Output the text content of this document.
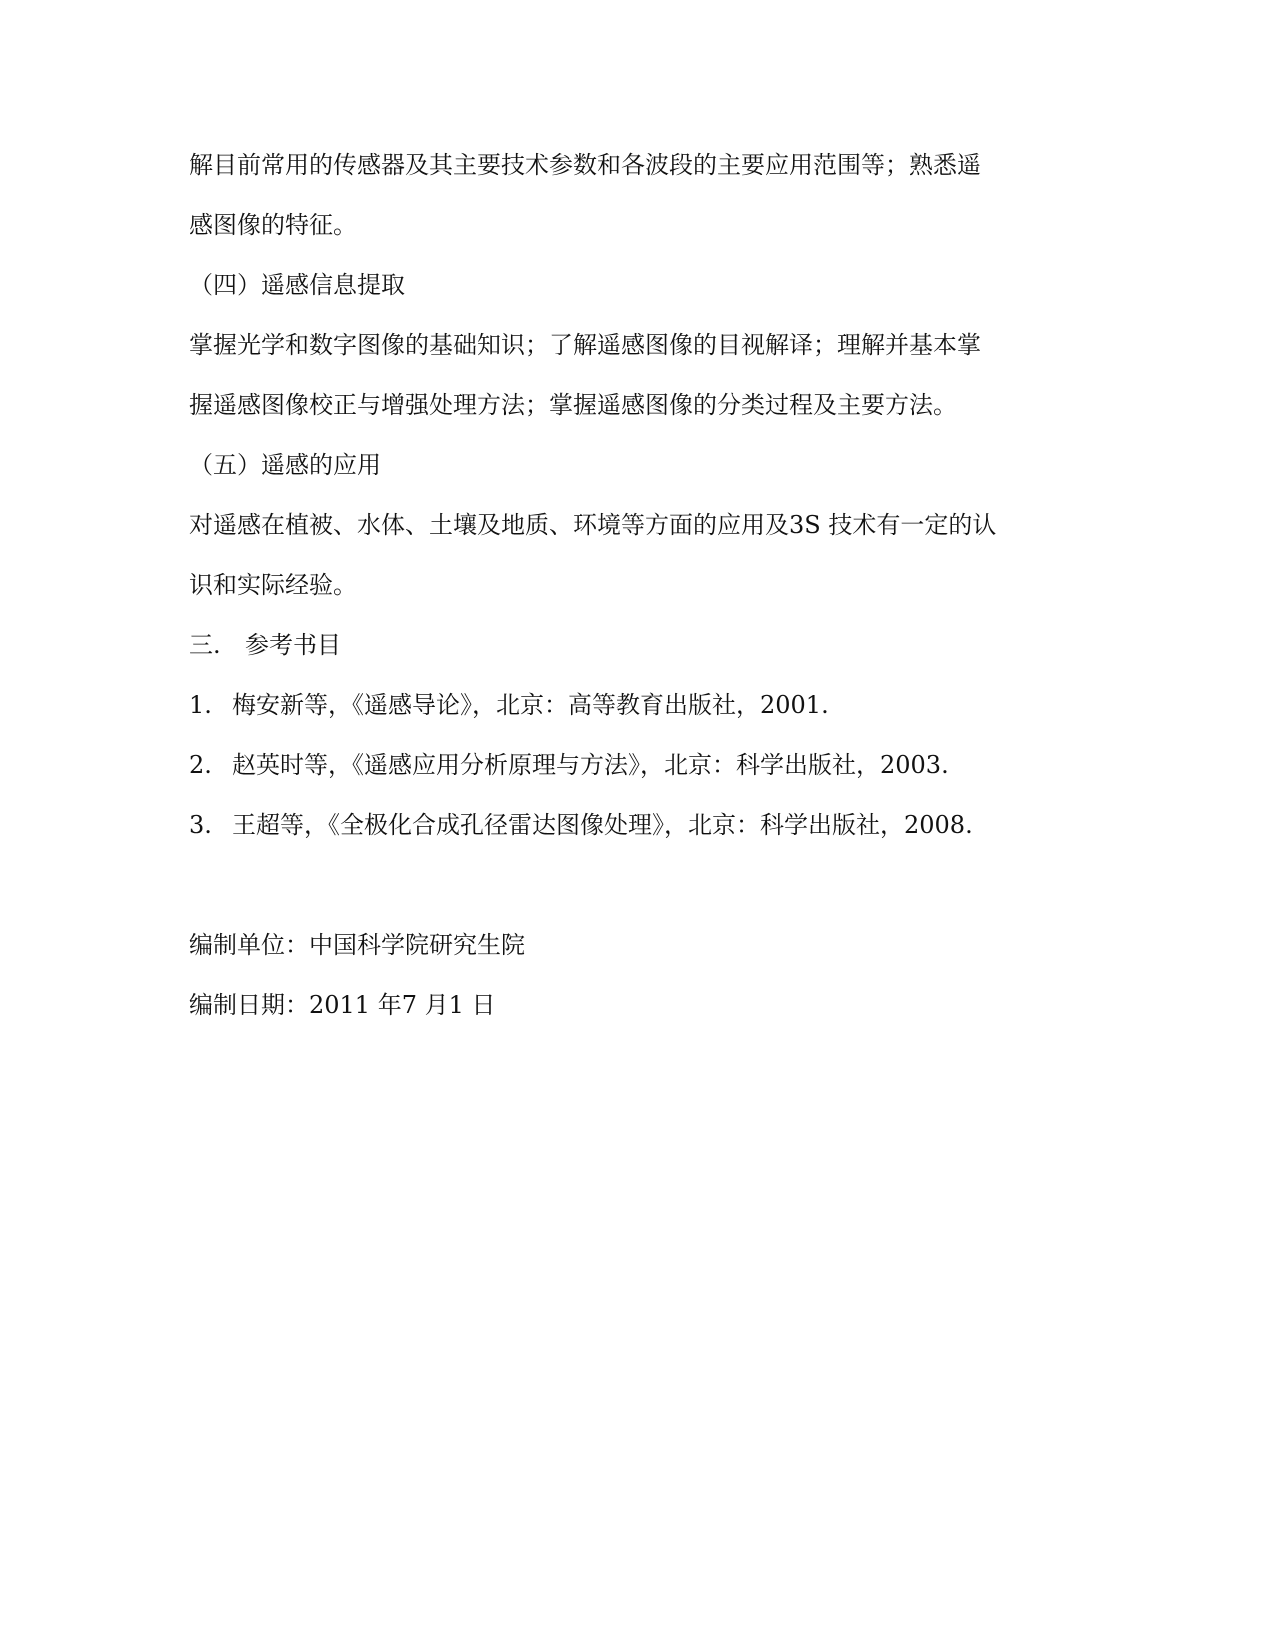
解目前常用的传感器及其主要技术参数和各波段的主要应用范围等；熟悉遥
感图像的特征。
（四）遥感信息提取
掌握光学和数字图像的基础知识；了解遥感图像的目视解译；理解并基本掌
握遥感图像校正与增强处理方法；掌握遥感图像的分类过程及主要方法。
（五）遥感的应用
对遥感在植被、水体、土壤及地质、环境等方面的应用及3S 技术有一定的认
识和实际经验。
三. 参考书目
1. 梅安新等，《遥感导论》，北京：高等教育出版社，2001.
2. 赵英时等，《遥感应用分析原理与方法》，北京：科学出版社，2003.
3. 王超等，《全极化合成孔径雷达图像处理》，北京：科学出版社，2008.
编制单位：中国科学院研究生院
编制日期：2011 年7 月1 日
